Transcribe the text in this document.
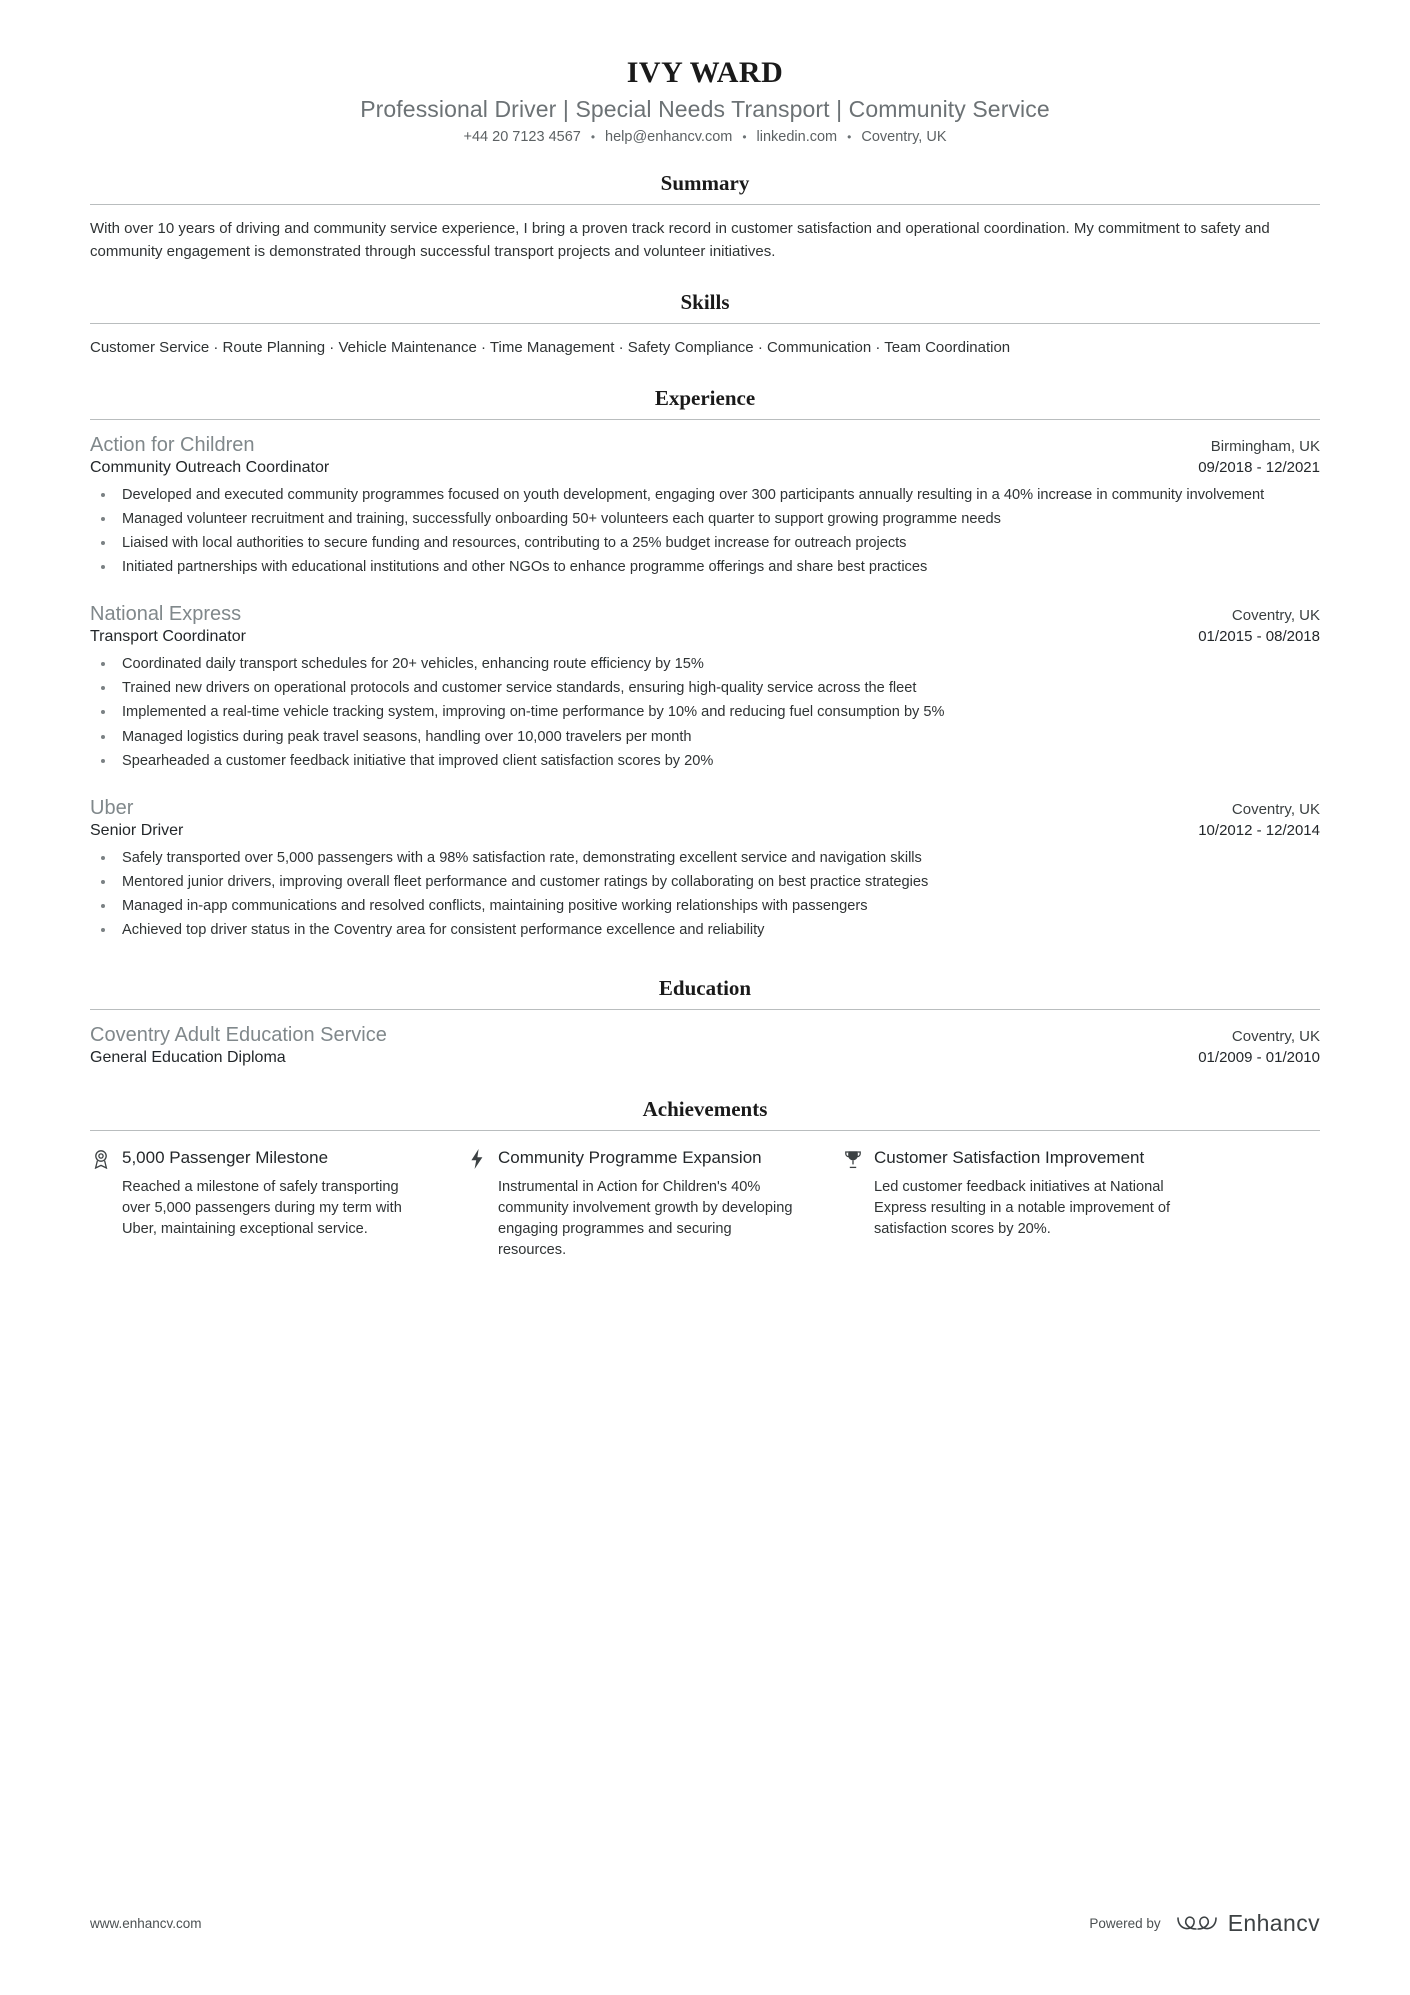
IVY WARD
Professional Driver | Special Needs Transport | Community Service
+44 20 7123 4567 • help@enhancv.com • linkedin.com • Coventry, UK
Summary
With over 10 years of driving and community service experience, I bring a proven track record in customer satisfaction and operational coordination. My commitment to safety and community engagement is demonstrated through successful transport projects and volunteer initiatives.
Skills
Customer Service · Route Planning · Vehicle Maintenance · Time Management · Safety Compliance · Communication · Team Coordination
Experience
Action for Children	Birmingham, UK
Community Outreach Coordinator	09/2018 - 12/2021
• Developed and executed community programmes focused on youth development, engaging over 300 participants annually resulting in a 40% increase in community involvement
• Managed volunteer recruitment and training, successfully onboarding 50+ volunteers each quarter to support growing programme needs
• Liaised with local authorities to secure funding and resources, contributing to a 25% budget increase for outreach projects
• Initiated partnerships with educational institutions and other NGOs to enhance programme offerings and share best practices
National Express	Coventry, UK
Transport Coordinator	01/2015 - 08/2018
• Coordinated daily transport schedules for 20+ vehicles, enhancing route efficiency by 15%
• Trained new drivers on operational protocols and customer service standards, ensuring high-quality service across the fleet
• Implemented a real-time vehicle tracking system, improving on-time performance by 10% and reducing fuel consumption by 5%
• Managed logistics during peak travel seasons, handling over 10,000 travelers per month
• Spearheaded a customer feedback initiative that improved client satisfaction scores by 20%
Uber	Coventry, UK
Senior Driver	10/2012 - 12/2014
• Safely transported over 5,000 passengers with a 98% satisfaction rate, demonstrating excellent service and navigation skills
• Mentored junior drivers, improving overall fleet performance and customer ratings by collaborating on best practice strategies
• Managed in-app communications and resolved conflicts, maintaining positive working relationships with passengers
• Achieved top driver status in the Coventry area for consistent performance excellence and reliability
Education
Coventry Adult Education Service	Coventry, UK
General Education Diploma	01/2009 - 01/2010
Achievements
5,000 Passenger Milestone
Reached a milestone of safely transporting over 5,000 passengers during my term with Uber, maintaining exceptional service.
Community Programme Expansion
Instrumental in Action for Children's 40% community involvement growth by developing engaging programmes and securing resources.
Customer Satisfaction Improvement
Led customer feedback initiatives at National Express resulting in a notable improvement of satisfaction scores by 20%.
www.enhancv.com	Powered by	Enhancv
